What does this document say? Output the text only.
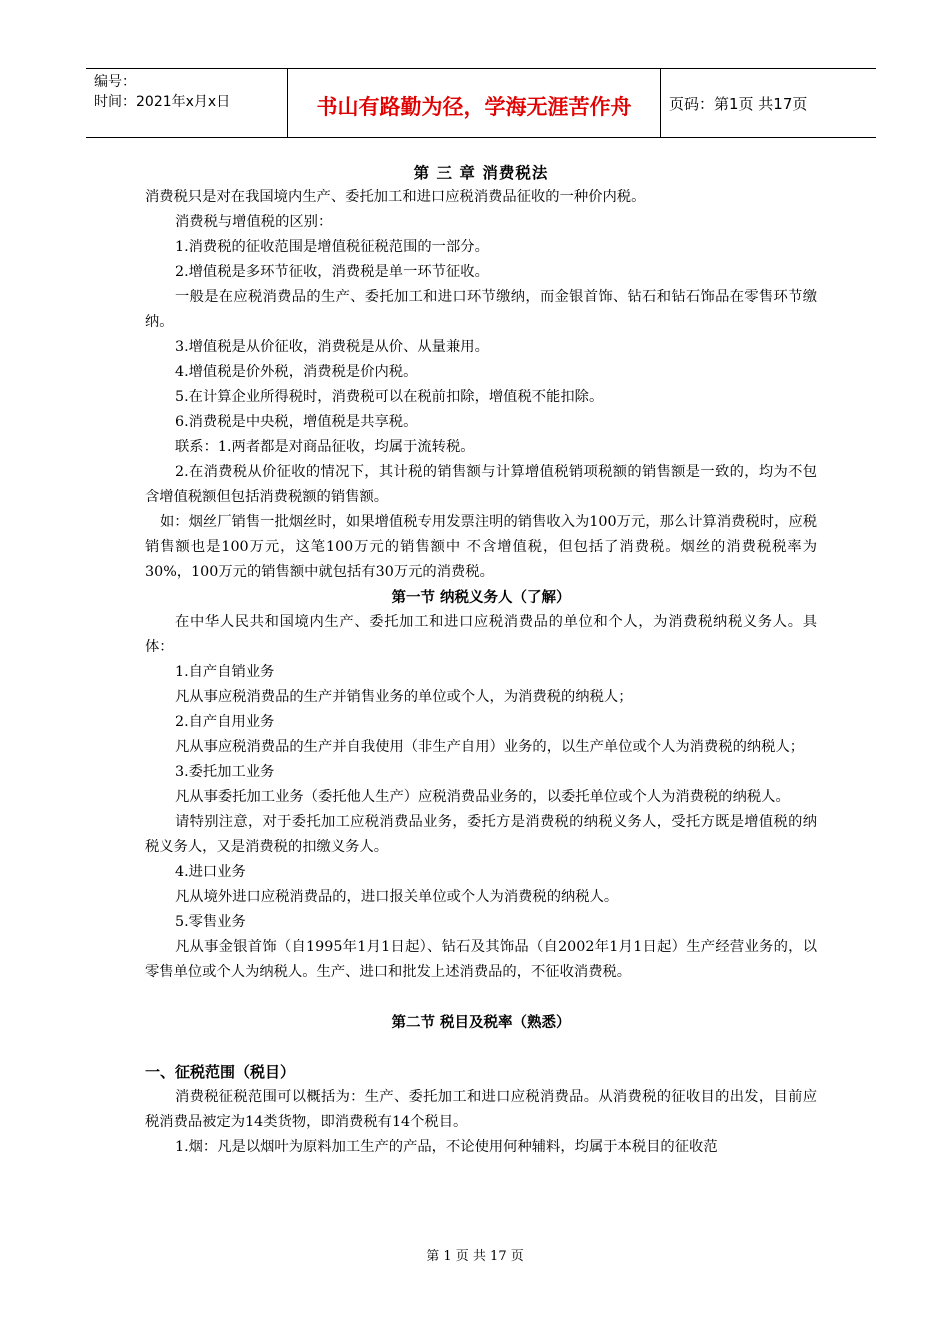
编号：
时间：2021年x月x日	书山有路勤为径，学海无涯苦作舟	页码：第1页 共17页

第 三 章 消费税法

消费税只是对在我国境内生产、委托加工和进口应税消费品征收的一种价内税。

消费税与增值税的区别：

1.消费税的征收范围是增值税征税范围的一部分。

2.增值税是多环节征收，消费税是单一环节征收。

一般是在应税消费品的生产、委托加工和进口环节缴纳，而金银首饰、钻石和钻石饰品在零售环节缴纳。

3.增值税是从价征收，消费税是从价、从量兼用。

4.增值税是价外税，消费税是价内税。

5.在计算企业所得税时，消费税可以在税前扣除，增值税不能扣除。

6.消费税是中央税，增值税是共享税。

联系：1.两者都是对商品征收，均属于流转税。

2.在消费税从价征收的情况下，其计税的销售额与计算增值税销项税额的销售额是一致的，均为不包含增值税额但包括消费税额的销售额。

如：烟丝厂销售一批烟丝时，如果增值税专用发票注明的销售收入为100万元，那么计算消费税时，应税销售额也是100万元，这笔100万元的销售额中 不含增值税，但包括了消费税。烟丝的消费税税率为30%，100万元的销售额中就包括有30万元的消费税。

第一节 纳税义务人（了解）

在中华人民共和国境内生产、委托加工和进口应税消费品的单位和个人，为消费税纳税义务人。具体：

1.自产自销业务

凡从事应税消费品的生产并销售业务的单位或个人，为消费税的纳税人；

2.自产自用业务

凡从事应税消费品的生产并自我使用（非生产自用）业务的，以生产单位或个人为消费税的纳税人；

3.委托加工业务

凡从事委托加工业务（委托他人生产）应税消费品业务的，以委托单位或个人为消费税的纳税人。

请特别注意，对于委托加工应税消费品业务，委托方是消费税的纳税义务人，受托方既是增值税的纳税义务人，又是消费税的扣缴义务人。

4.进口业务

凡从境外进口应税消费品的，进口报关单位或个人为消费税的纳税人。

5.零售业务

凡从事金银首饰（自1995年1月1日起）、钻石及其饰品（自2002年1月1日起）生产经营业务的，以零售单位或个人为纳税人。生产、进口和批发上述消费品的，不征收消费税。

第二节 税目及税率（熟悉）

一、征税范围（税目）

消费税征税范围可以概括为：生产、委托加工和进口应税消费品。从消费税的征收目的出发，目前应税消费品被定为14类货物，即消费税有14个税目。

1.烟：凡是以烟叶为原料加工生产的产品，不论使用何种辅料，均属于本税目的征收范

第 1 页 共 17 页
